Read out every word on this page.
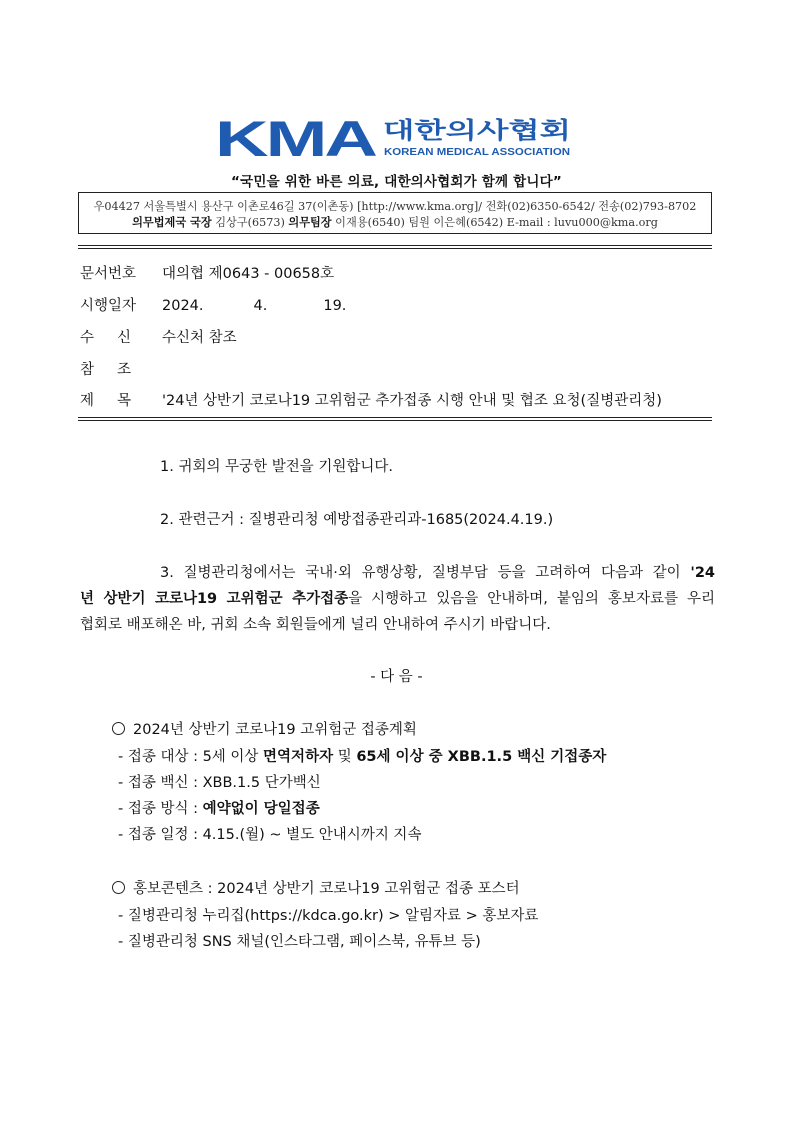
KMA 대한의사협회
KOREAN MEDICAL ASSOCIATION
“국민을 위한 바른 의료, 대한의사협회가 함께 합니다”
우04427 서울특별시 용산구 이촌로46길 37(이촌동) [http://www.kma.org]/ 전화(02)6350-6542/ 전송(02)793-8702
의무법제국 국장 김상구(6573) 의무팀장 이재용(6540) 팀원 이은혜(6542) E-mail : luvu000@kma.org
문서번호 대의협 제0643 - 00658호
시행일자 2024.	4.	19.
수신 수신처 참조
참조
제목 '24년 상반기 코로나19 고위험군 추가접종 시행 안내 및 협조 요청(질병관리청)
1. 귀회의 무궁한 발전을 기원합니다.
2. 관련근거 : 질병관리청 예방접종관리과-1685(2024.4.19.)
3. 질병관리청에서는 국내·외 유행상황, 질병부담 등을 고려하여 다음과 같이 '24
년 상반기 코로나19 고위험군 추가접종을 시행하고 있음을 안내하며, 붙임의 홍보자료를 우리
협회로 배포해온 바, 귀회 소속 회원들에게 널리 안내하여 주시기 바랍니다.
- 다 음 -
2024년 상반기 코로나19 고위험군 접종계획
- 접종 대상 : 5세 이상 면역저하자 및 65세 이상 중 XBB.1.5 백신 기접종자
- 접종 백신 : XBB.1.5 단가백신
- 접종 방식 : 예약없이 당일접종
- 접종 일정 : 4.15.(월) ~ 별도 안내시까지 지속
홍보콘텐츠 : 2024년 상반기 코로나19 고위험군 접종 포스터
- 질병관리청 누리집(https://kdca.go.kr) > 알림자료 > 홍보자료
- 질병관리청 SNS 채널(인스타그램, 페이스북, 유튜브 등)
